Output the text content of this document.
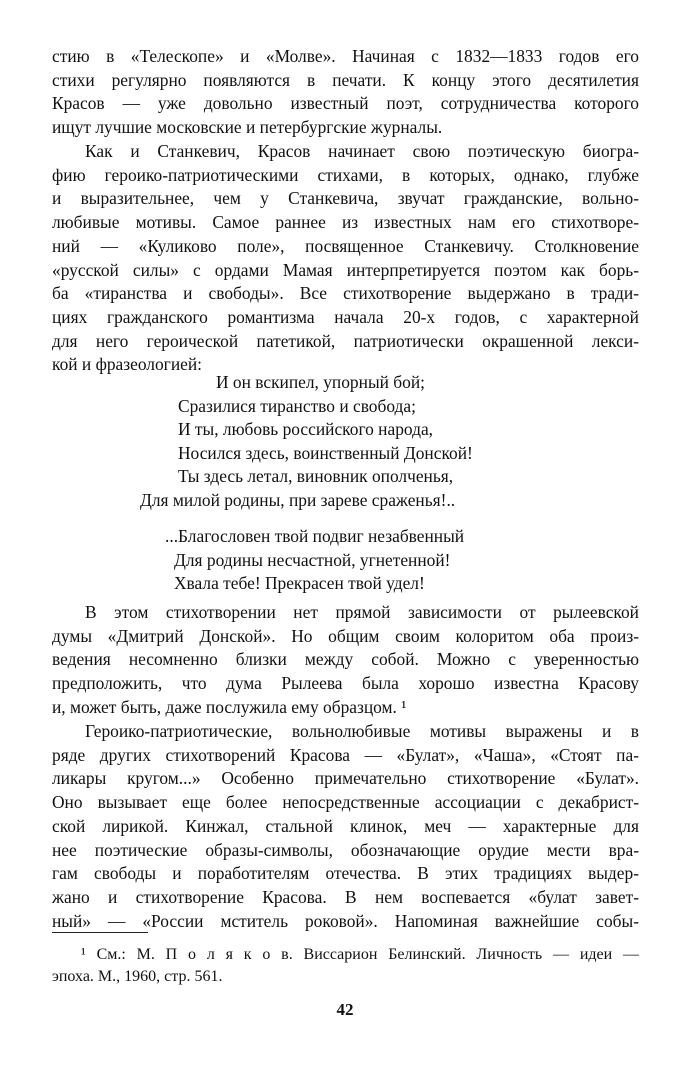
стию в «Телескопе» и «Молве». Начиная с 1832—1833 годов его
стихи регулярно появляются в печати. К концу этого десятилетия
Красов — уже довольно известный поэт, сотрудничества которого
ищут лучшие московские и петербургские журналы.
Как и Станкевич, Красов начинает свою поэтическую биогра-
фию героико-патриотическими стихами, в которых, однако, глубже
и выразительнее, чем у Станкевича, звучат гражданские, вольно-
любивые мотивы. Самое раннее из известных нам его стихотворе-
ний — «Куликово поле», посвященное Станкевичу. Столкновение
«русской силы» с ордами Мамая интерпретируется поэтом как борь-
ба «тиранства и свободы». Все стихотворение выдержано в тради-
циях гражданского романтизма начала 20-х годов, с характерной
для него героической патетикой, патриотически окрашенной лекси-
кой и фразеологией:
И он вскипел, упорный бой;
Сразилися тиранство и свобода;
И ты, любовь российского народа,
Носился здесь, воинственный Донской!
Ты здесь летал, виновник ополченья,
Для милой родины, при зареве сраженья!..
...Благословен твой подвиг незабвенный
Для родины несчастной, угнетенной!
Хвала тебе! Прекрасен твой удел!
В этом стихотворении нет прямой зависимости от рылеевской
думы «Дмитрий Донской». Но общим своим колоритом оба произ-
ведения несомненно близки между собой. Можно с уверенностью
предположить, что дума Рылеева была хорошо известна Красову
и, может быть, даже послужила ему образцом. ¹
Героико-патриотические, вольнолюбивые мотивы выражены и в
ряде других стихотворений Красова — «Булат», «Чаша», «Стоят па-
ликары кругом...» Особенно примечательно стихотворение «Булат».
Оно вызывает еще более непосредственные ассоциации с декабрист-
ской лирикой. Кинжал, стальной клинок, меч — характерные для
нее поэтические образы-символы, обозначающие орудие мести вра-
гам свободы и поработителям отечества. В этих традициях выдер-
жано и стихотворение Красова. В нем воспевается «булат завет-
ный» — «России мститель роковой». Напоминая важнейшие собы-
¹ См.: М. П о л я к о в. Виссарион Белинский. Личность — идеи —
эпоха. М., 1960, стр. 561.
42
